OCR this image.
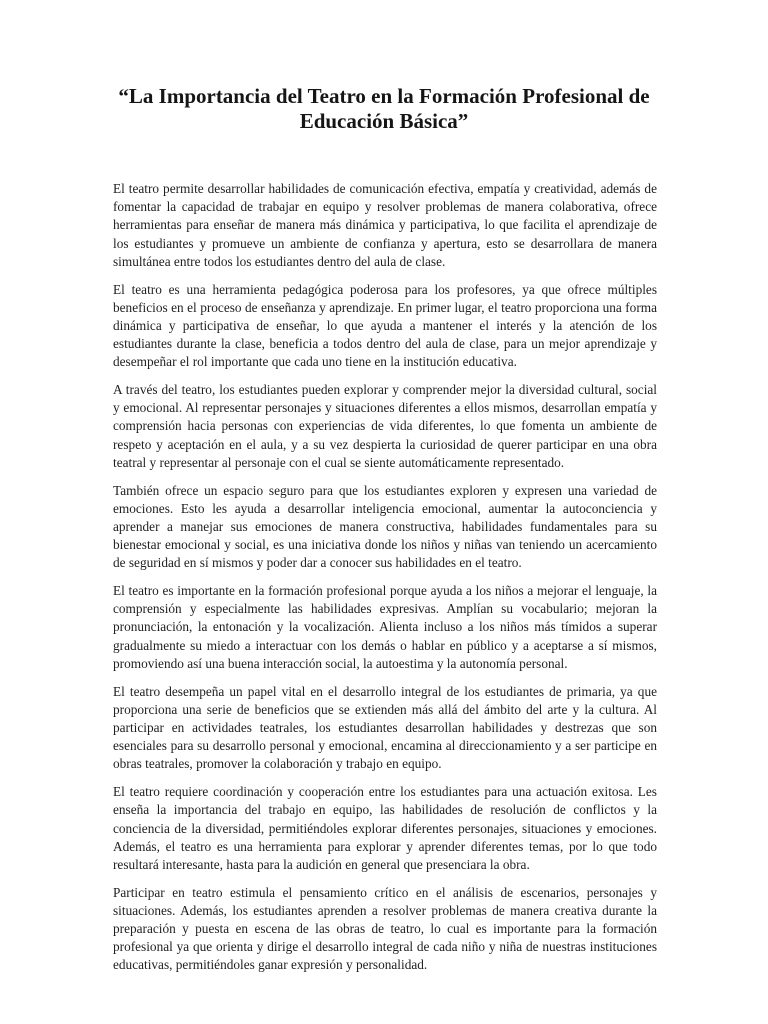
“La Importancia del Teatro en la Formación Profesional de Educación Básica”

El teatro permite desarrollar habilidades de comunicación efectiva, empatía y creatividad, además de fomentar la capacidad de trabajar en equipo y resolver problemas de manera colaborativa, ofrece herramientas para enseñar de manera más dinámica y participativa, lo que facilita el aprendizaje de los estudiantes y promueve un ambiente de confianza y apertura, esto se desarrollara de manera simultánea entre todos los estudiantes dentro del aula de clase.

El teatro es una herramienta pedagógica poderosa para los profesores, ya que ofrece múltiples beneficios en el proceso de enseñanza y aprendizaje. En primer lugar, el teatro proporciona una forma dinámica y participativa de enseñar, lo que ayuda a mantener el interés y la atención de los estudiantes durante la clase, beneficia a todos dentro del aula de clase, para un mejor aprendizaje y desempeñar el rol importante que cada uno tiene en la institución educativa.

A través del teatro, los estudiantes pueden explorar y comprender mejor la diversidad cultural, social y emocional. Al representar personajes y situaciones diferentes a ellos mismos, desarrollan empatía y comprensión hacia personas con experiencias de vida diferentes, lo que fomenta un ambiente de respeto y aceptación en el aula, y a su vez despierta la curiosidad de querer participar en una obra teatral y representar al personaje con el cual se siente automáticamente representado.

También ofrece un espacio seguro para que los estudiantes exploren y expresen una variedad de emociones. Esto les ayuda a desarrollar inteligencia emocional, aumentar la autoconciencia y aprender a manejar sus emociones de manera constructiva, habilidades fundamentales para su bienestar emocional y social, es una iniciativa donde los niños y niñas van teniendo un acercamiento de seguridad en sí mismos y poder dar a conocer sus habilidades en el teatro.

El teatro es importante en la formación profesional porque ayuda a los niños a mejorar el lenguaje, la comprensión y especialmente las habilidades expresivas. Amplían su vocabulario; mejoran la pronunciación, la entonación y la vocalización. Alienta incluso a los niños más tímidos a superar gradualmente su miedo a interactuar con los demás o hablar en público y a aceptarse a sí mismos, promoviendo así una buena interacción social, la autoestima y la autonomía personal.

El teatro desempeña un papel vital en el desarrollo integral de los estudiantes de primaria, ya que proporciona una serie de beneficios que se extienden más allá del ámbito del arte y la cultura. Al participar en actividades teatrales, los estudiantes desarrollan habilidades y destrezas que son esenciales para su desarrollo personal y emocional, encamina al direccionamiento y a ser participe en obras teatrales, promover la colaboración y trabajo en equipo.

El teatro requiere coordinación y cooperación entre los estudiantes para una actuación exitosa. Les enseña la importancia del trabajo en equipo, las habilidades de resolución de conflictos y la conciencia de la diversidad, permitiéndoles explorar diferentes personajes, situaciones y emociones. Además, el teatro es una herramienta para explorar y aprender diferentes temas, por lo que todo resultará interesante, hasta para la audición en general que presenciara la obra.

Participar en teatro estimula el pensamiento crítico en el análisis de escenarios, personajes y situaciones. Además, los estudiantes aprenden a resolver problemas de manera creativa durante la preparación y puesta en escena de las obras de teatro, lo cual es importante para la formación profesional ya que orienta y dirige el desarrollo integral de cada niño y niña de nuestras instituciones educativas, permitiéndoles ganar expresión y personalidad.
